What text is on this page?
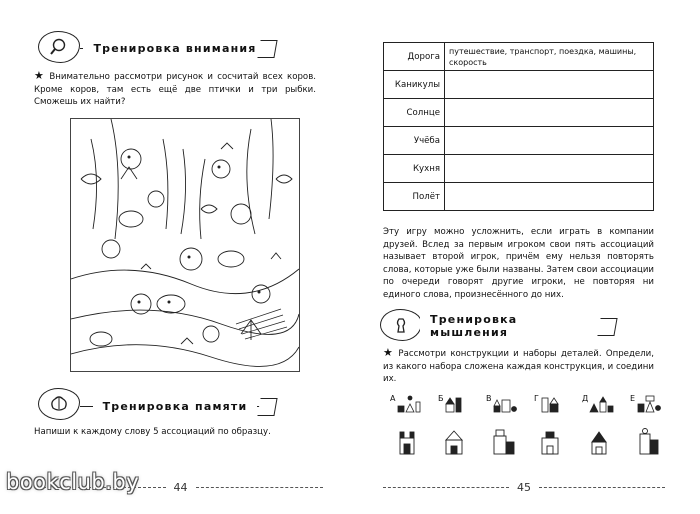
Тренировка внимания
★ Внимательно рассмотри рисунок и сосчитай всех коров. Кроме коров, там есть ещё две птички и три рыбки. Сможешь их найти?
Тренировка памяти
Напиши к каждому слову 5 ассоциаций по образцу.
44
Дорога	путешествие, транспорт, поездка, машины, скорость
Каникулы	
Солнце	
Учёба	
Кухня	
Полёт	
Эту игру можно усложнить, если играть в компании друзей. Вслед за первым игроком свои пять ассоциаций называет второй игрок, причём ему нельзя повторять слова, которые уже были названы. Затем свои ассоциации по очереди говорят другие игроки, не повторяя ни единого слова, произнесённого до них.
Тренировка мышления
★ Рассмотри конструкции и наборы деталей. Определи, из какого набора сложена каждая конструкция, и соедини их.
А	Б	В	Г	Д	Е
45
bookclub.by
